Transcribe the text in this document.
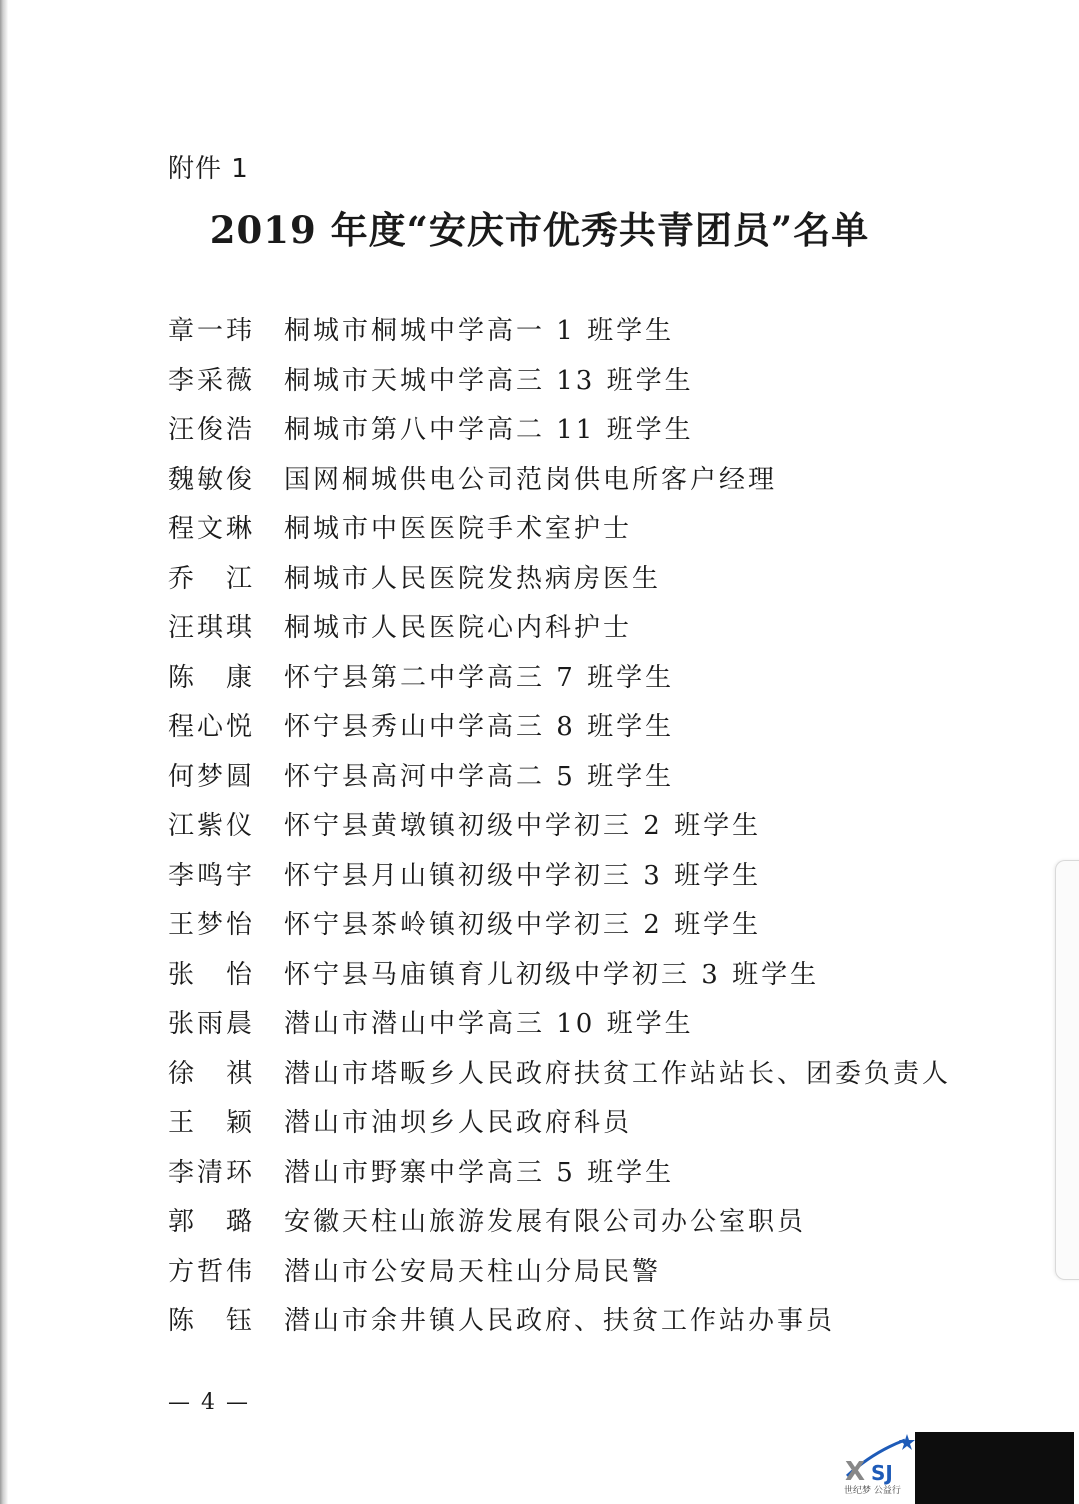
附件 1
2019 年度“安庆市优秀共青团员”名单
章一玮 桐城市桐城中学高一 1 班学生
李采薇 桐城市天城中学高三 13 班学生
汪俊浩 桐城市第八中学高二 11 班学生
魏敏俊 国网桐城供电公司范岗供电所客户经理
程文琳 桐城市中医医院手术室护士
乔　江 桐城市人民医院发热病房医生
汪琪琪 桐城市人民医院心内科护士
陈　康 怀宁县第二中学高三 7 班学生
程心悦 怀宁县秀山中学高三 8 班学生
何梦圆 怀宁县高河中学高二 5 班学生
江紫仪 怀宁县黄墩镇初级中学初三 2 班学生
李鸣宇 怀宁县月山镇初级中学初三 3 班学生
王梦怡 怀宁县茶岭镇初级中学初三 2 班学生
张　怡 怀宁县马庙镇育儿初级中学初三 3 班学生
张雨晨 潜山市潜山中学高三 10 班学生
徐　祺 潜山市塔畈乡人民政府扶贫工作站站长、团委负责人
王　颖 潜山市油坝乡人民政府科员
李清环 潜山市野寨中学高三 5 班学生
郭　璐 安徽天柱山旅游发展有限公司办公室职员
方哲伟 潜山市公安局天柱山分局民警
陈　钰 潜山市余井镇人民政府、扶贫工作站办事员
— 4 —
X SJ
世纪梦 公益行
